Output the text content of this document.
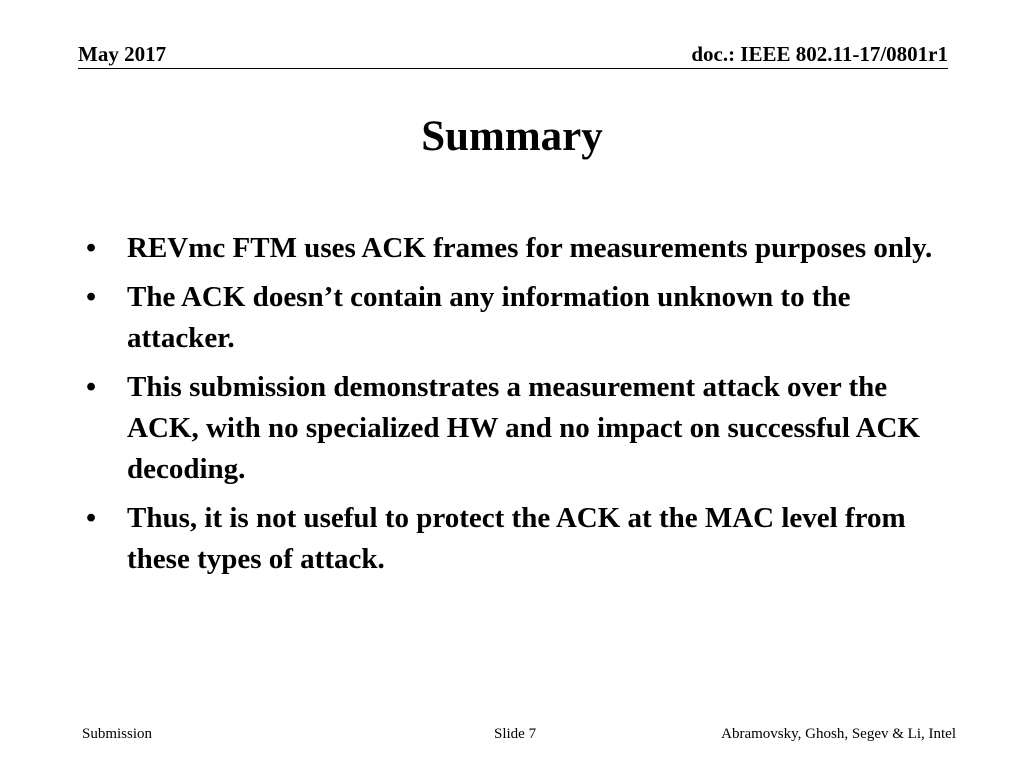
May 2017	doc.: IEEE 802.11-17/0801r1
Summary
•	REVmc FTM uses ACK frames for measurements purposes only.
•	The ACK doesn’t contain any information unknown to the attacker.
•	This submission demonstrates a measurement attack over the ACK, with no specialized HW and no impact on successful ACK decoding.
•	Thus, it is not useful to protect the ACK at the MAC level from these types of attack.
Submission	Slide 7	Abramovsky, Ghosh, Segev & Li, Intel
